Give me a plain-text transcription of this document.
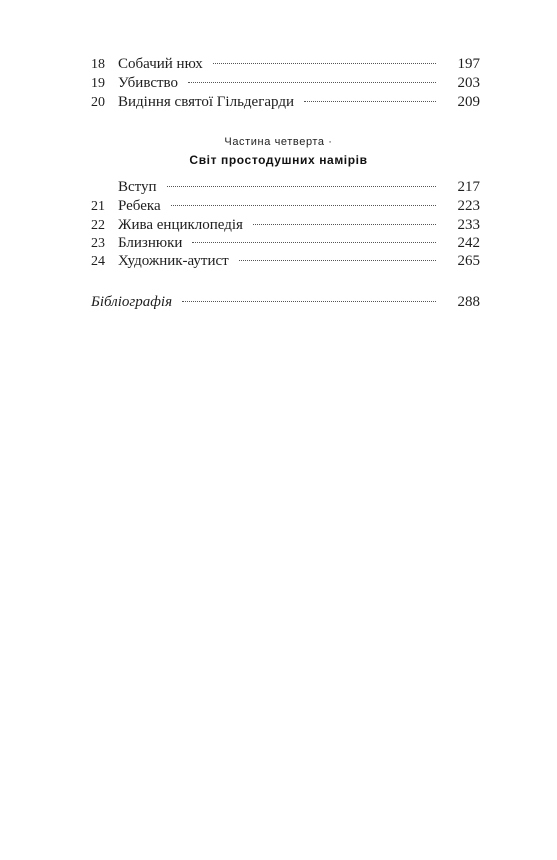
18 Собачий нюх	197
19 Убивство	203
20 Видіння святої Гільдегарди	209
Частина четверта ·
Світ простодушних намірів
Вступ	217
21 Ребека	223
22 Жива енциклопедія	233
23 Близнюки	242
24 Художник-аутист	265
Бібліографія	288
